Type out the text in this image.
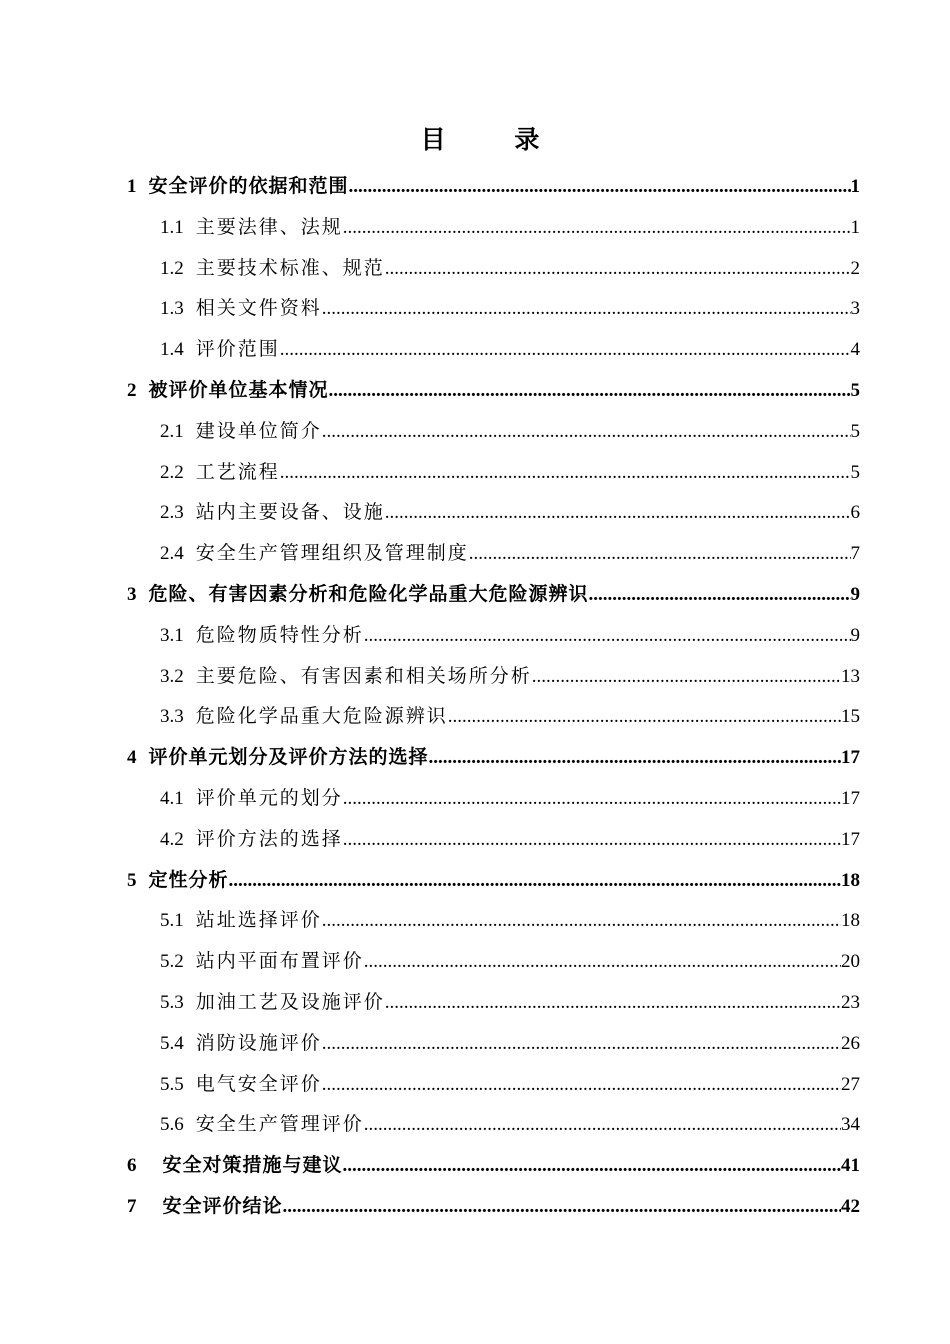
目 录
1 安全评价的依据和范围 .....	1
1.1 主要法律、法规 .....	1
1.2 主要技术标准、规范 .....	2
1.3 相关文件资料 .....	3
1.4 评价范围 .....	4
2 被评价单位基本情况 .....	5
2.1 建设单位简介 .....	5
2.2 工艺流程 .....	5
2.3 站内主要设备、设施 .....	6
2.4 安全生产管理组织及管理制度 .....	7
3 危险、有害因素分析和危险化学品重大危险源辨识 .....	9
3.1 危险物质特性分析 .....	9
3.2 主要危险、有害因素和相关场所分析 .....	13
3.3 危险化学品重大危险源辨识 .....	15
4 评价单元划分及评价方法的选择 .....	17
4.1 评价单元的划分 .....	17
4.2 评价方法的选择 .....	17
5 定性分析 .....	18
5.1 站址选择评价 .....	18
5.2 站内平面布置评价 .....	20
5.3 加油工艺及设施评价 .....	23
5.4 消防设施评价 .....	26
5.5 电气安全评价 .....	27
5.6 安全生产管理评价 .....	34
6 安全对策措施与建议 .....	41
7 安全评价结论 .....	42
